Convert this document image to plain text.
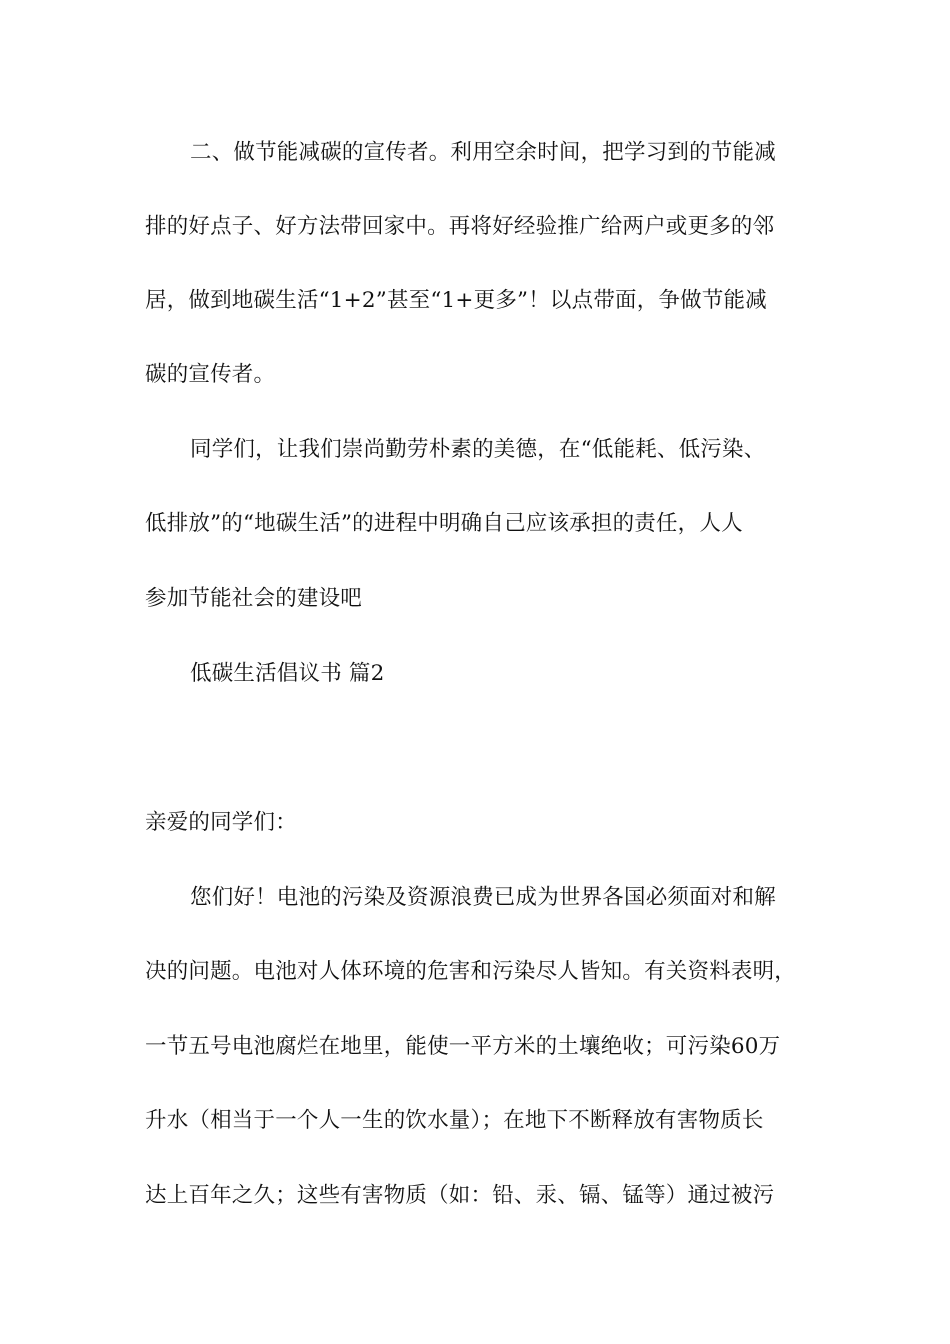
二、做节能减碳的宣传者。利用空余时间，把学习到的节能减
排的好点子、好方法带回家中。再将好经验推广给两户或更多的邻
居，做到地碳生活“1+2”甚至“1+更多”！以点带面，争做节能减
碳的宣传者。
同学们，让我们崇尚勤劳朴素的美德，在“低能耗、低污染、
低排放”的“地碳生活”的进程中明确自己应该承担的责任，人人
参加节能社会的建设吧
低碳生活倡议书 篇2
亲爱的同学们：
您们好！电池的污染及资源浪费已成为世界各国必须面对和解
决的问题。电池对人体环境的危害和污染尽人皆知。有关资料表明，
一节五号电池腐烂在地里，能使一平方米的土壤绝收；可污染60万
升水（相当于一个人一生的饮水量）；在地下不断释放有害物质长
达上百年之久；这些有害物质（如：铅、汞、镉、锰等）通过被污
